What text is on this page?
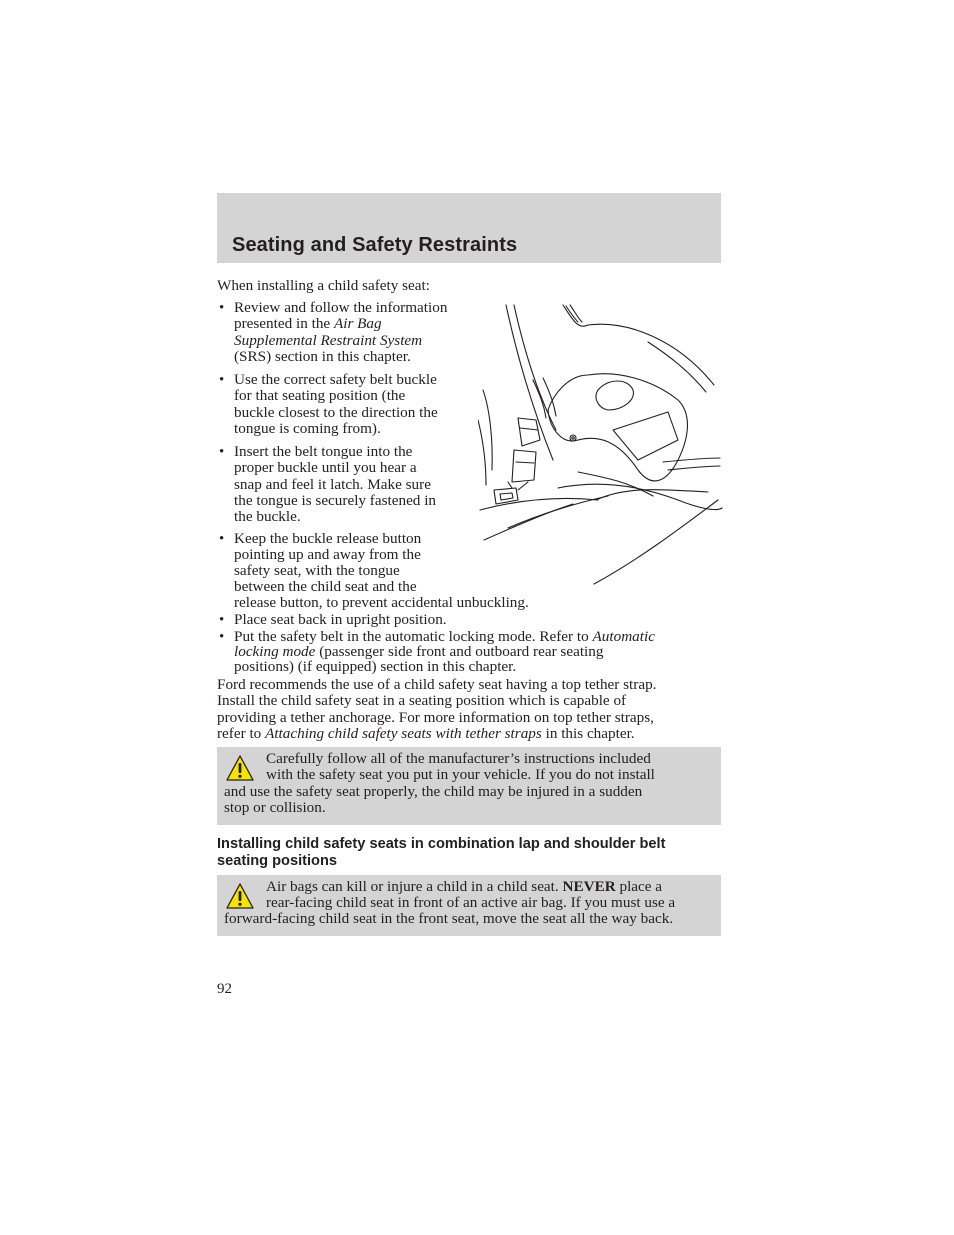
Seating and Safety Restraints
When installing a child safety seat:
• Review and follow the information
presented in the Air Bag
Supplemental Restraint System
(SRS) section in this chapter.
• Use the correct safety belt buckle
for that seating position (the
buckle closest to the direction the
tongue is coming from).
• Insert the belt tongue into the
proper buckle until you hear a
snap and feel it latch. Make sure
the tongue is securely fastened in
the buckle.
• Keep the buckle release button
pointing up and away from the
safety seat, with the tongue
between the child seat and the
release button, to prevent accidental unbuckling.
• Place seat back in upright position.
• Put the safety belt in the automatic locking mode. Refer to Automatic
locking mode (passenger side front and outboard rear seating
positions) (if equipped) section in this chapter.
Ford recommends the use of a child safety seat having a top tether strap.
Install the child safety seat in a seating position which is capable of
providing a tether anchorage. For more information on top tether straps,
refer to Attaching child safety seats with tether straps in this chapter.
Carefully follow all of the manufacturer’s instructions included
with the safety seat you put in your vehicle. If you do not install
and use the safety seat properly, the child may be injured in a sudden
stop or collision.
Installing child safety seats in combination lap and shoulder belt
seating positions
Air bags can kill or injure a child in a child seat. NEVER place a
rear-facing child seat in front of an active air bag. If you must use a
forward-facing child seat in the front seat, move the seat all the way back.
92
